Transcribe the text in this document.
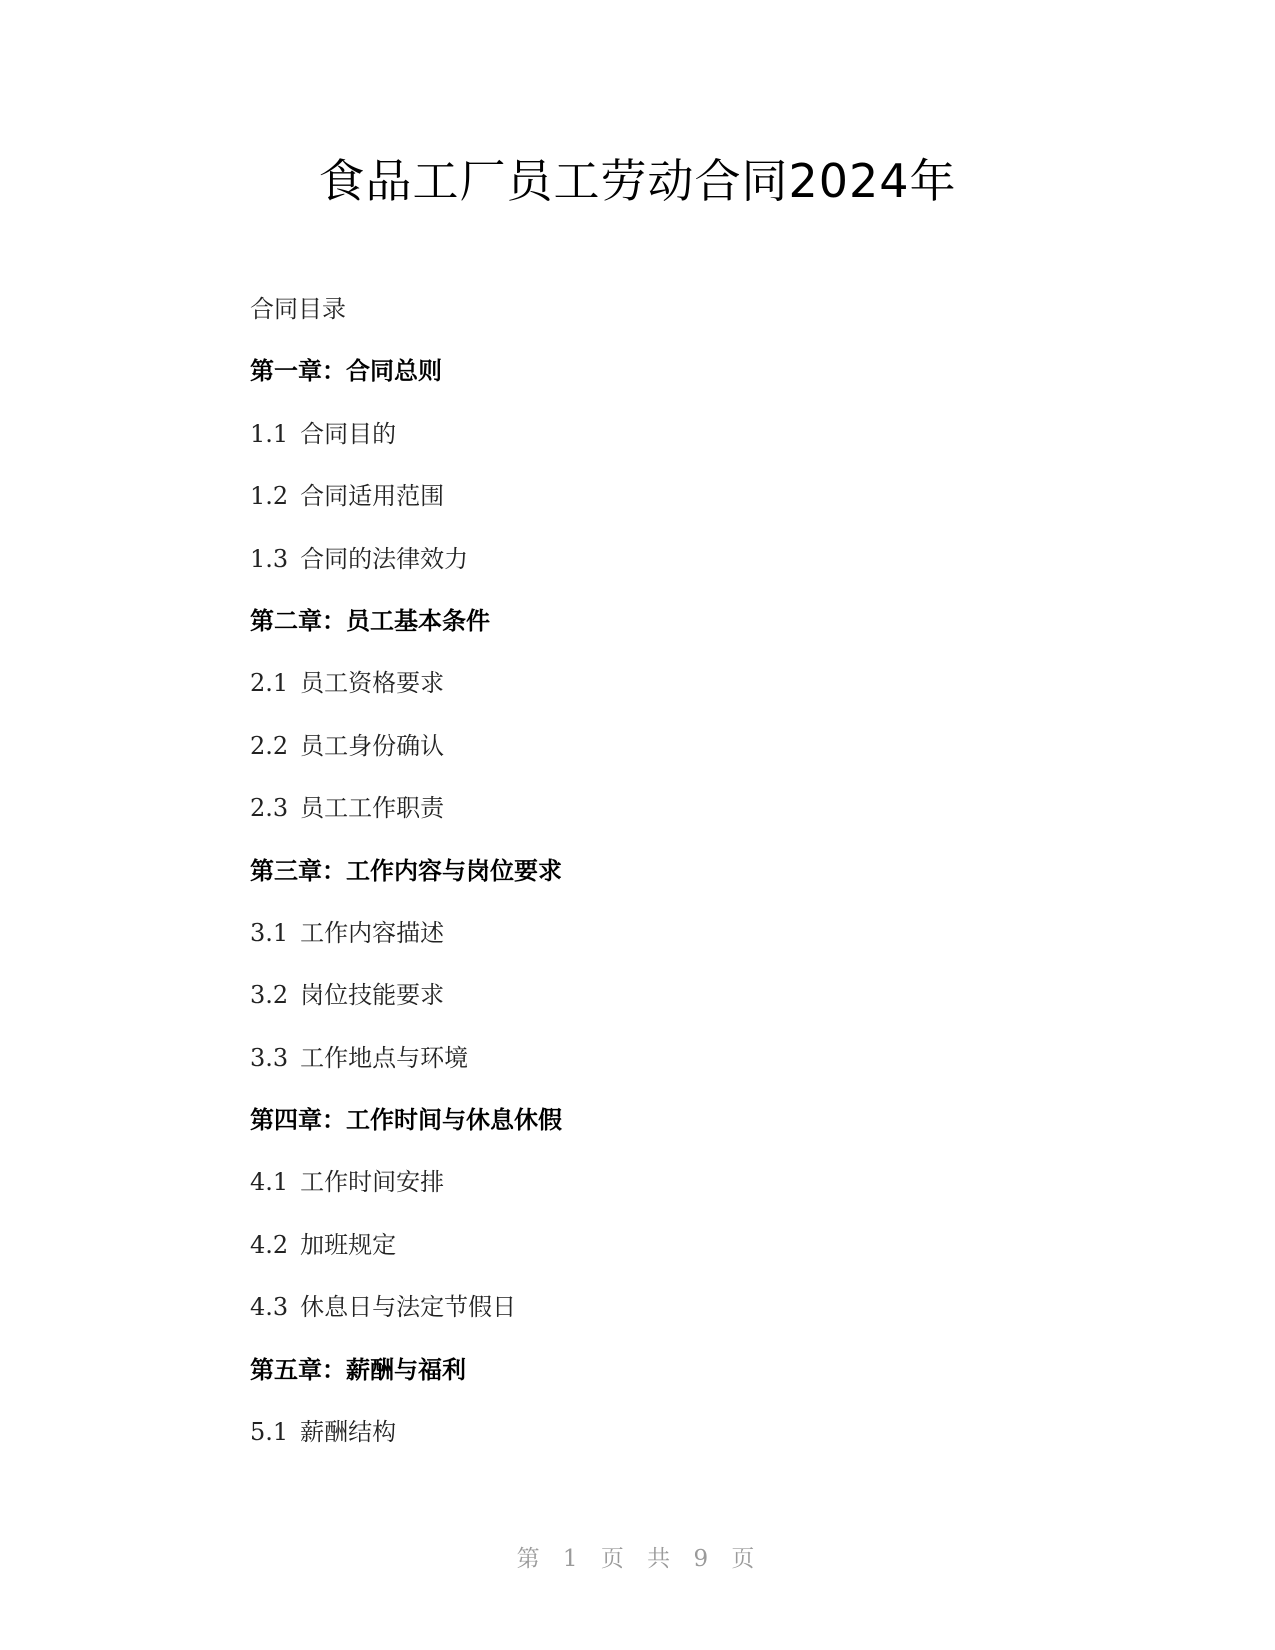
食品工厂员工劳动合同2024年
合同目录
第一章：合同总则
1.1 合同目的
1.2 合同适用范围
1.3 合同的法律效力
第二章：员工基本条件
2.1 员工资格要求
2.2 员工身份确认
2.3 员工工作职责
第三章：工作内容与岗位要求
3.1 工作内容描述
3.2 岗位技能要求
3.3 工作地点与环境
第四章：工作时间与休息休假
4.1 工作时间安排
4.2 加班规定
4.3 休息日与法定节假日
第五章：薪酬与福利
5.1 薪酬结构
第 1 页 共 9 页
